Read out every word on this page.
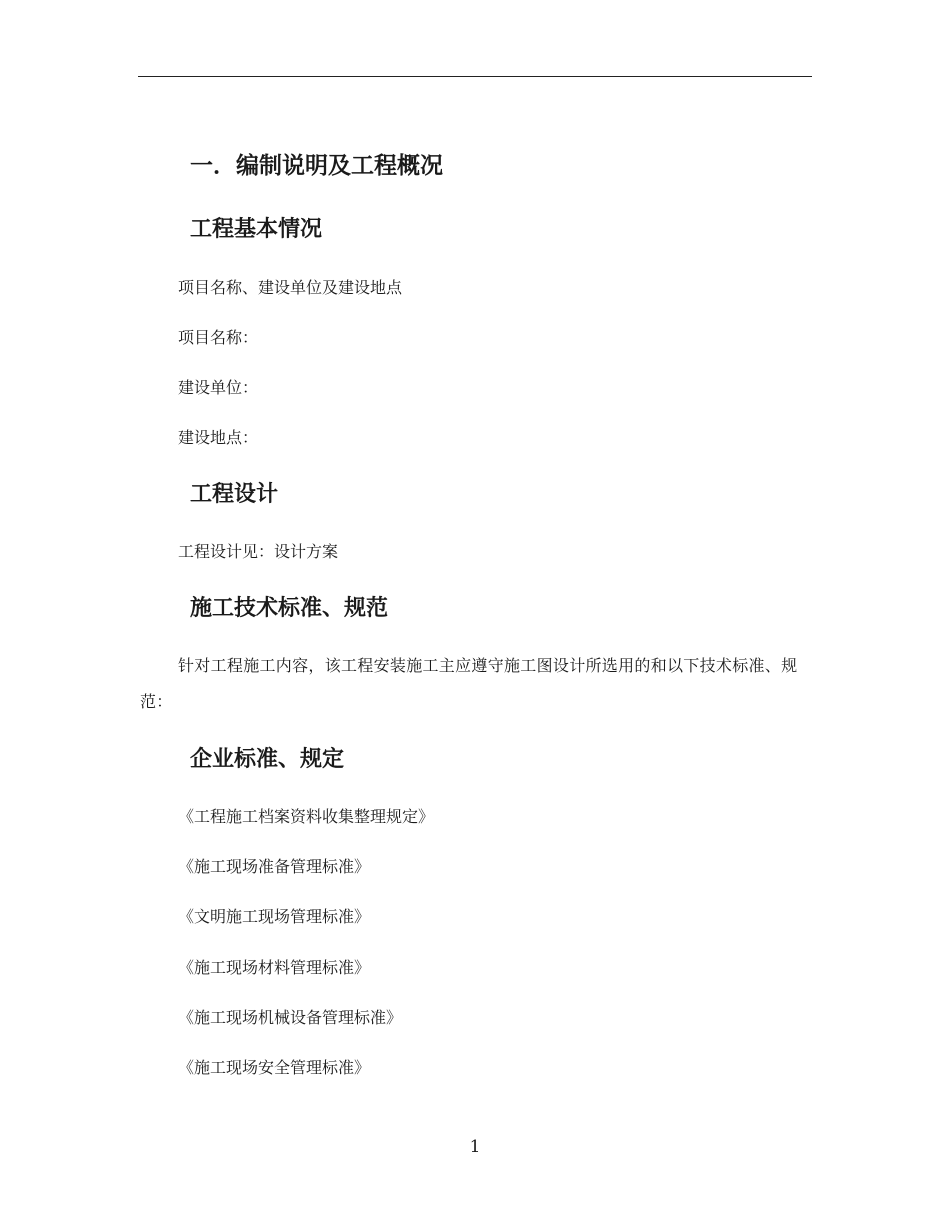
一．编制说明及工程概况
工程基本情况
项目名称、建设单位及建设地点
项目名称：
建设单位：
建设地点：
工程设计
工程设计见：设计方案
施工技术标准、规范
针对工程施工内容，该工程安装施工主应遵守施工图设计所选用的和以下技术标准、规范：
企业标准、规定
《工程施工档案资料收集整理规定》
《施工现场准备管理标准》
《文明施工现场管理标准》
《施工现场材料管理标准》
《施工现场机械设备管理标准》
《施工现场安全管理标准》
1
